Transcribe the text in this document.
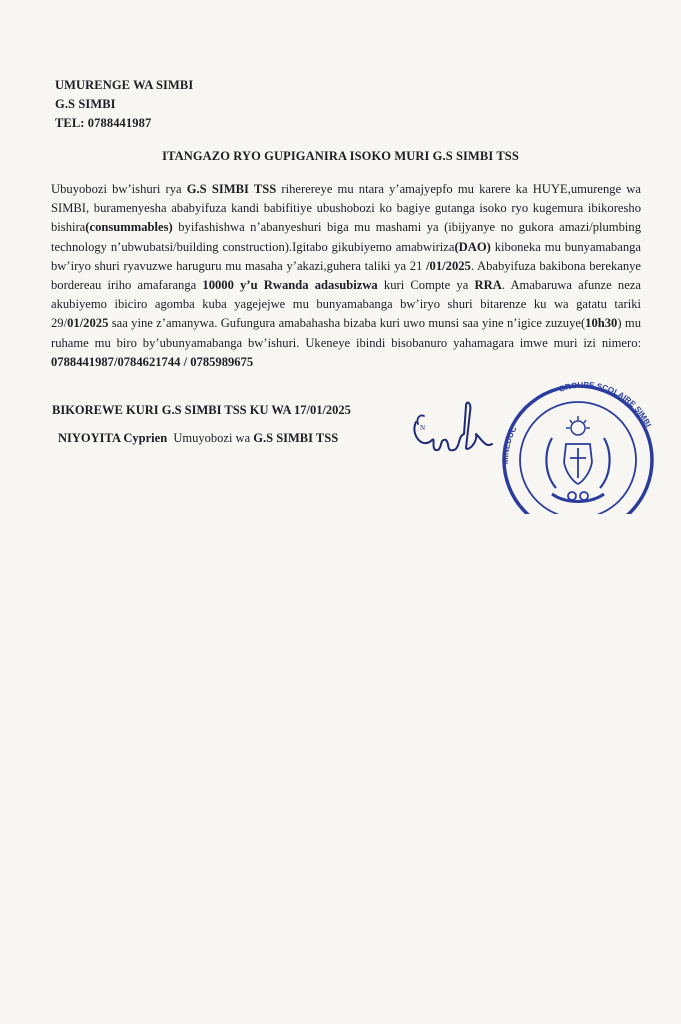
UMURENGE WA SIMBI
G.S SIMBI
TEL: 0788441987
ITANGAZO RYO GUPIGANIRA ISOKO MURI G.S SIMBI TSS
Ubuyobozi bw’ishuri rya G.S SIMBI TSS riherereye mu ntara y’amajyepfo mu karere ka HUYE,umurenge wa SIMBI, buramenyesha ababyifuza kandi babifitiye ubushobozi ko bagiye gutanga isoko ryo kugemura ibikoresho bishira(consummables) byifashishwa n’abanyeshuri biga mu mashami ya (ibijyanye no gukora amazi/plumbing technology n’ubwubatsi/building construction).Igitabo gikubiyemo amabwiriza(DAO) kiboneka mu bunyamabanga bw’iryo shuri ryavuzwe haruguru mu masaha y’akazi,guhera taliki ya 21 /01/2025. Ababyifuza bakibona berekanye bordereau iriho amafaranga 10000 y’u Rwanda adasubizwa kuri Compte ya RRA. Amabaruwa afunze neza akubiyemo ibiciro agomba kuba yagejejwe mu bunyamabanga bw’iryo shuri bitarenze ku wa gatatu tariki 29/01/2025 saa yine z’amanywa. Gufungura amabahasha bizaba kuri uwo munsi saa yine n’igice zuzuye(10h30) mu ruhame mu biro by’ubunyamabanga bw’ishuri. Ukeneye ibindi bisobanuro yahamagara imwe muri izi nimero: 0788441987/0784621744 / 0785989675
BIKOREWE KURI G.S SIMBI TSS KU WA 17/01/2025
NIYOYITA Cyprien  Umuyobozi wa G.S SIMBI TSS
N
MINEDUC
GROUPE SCOLAIRE SIMBI
